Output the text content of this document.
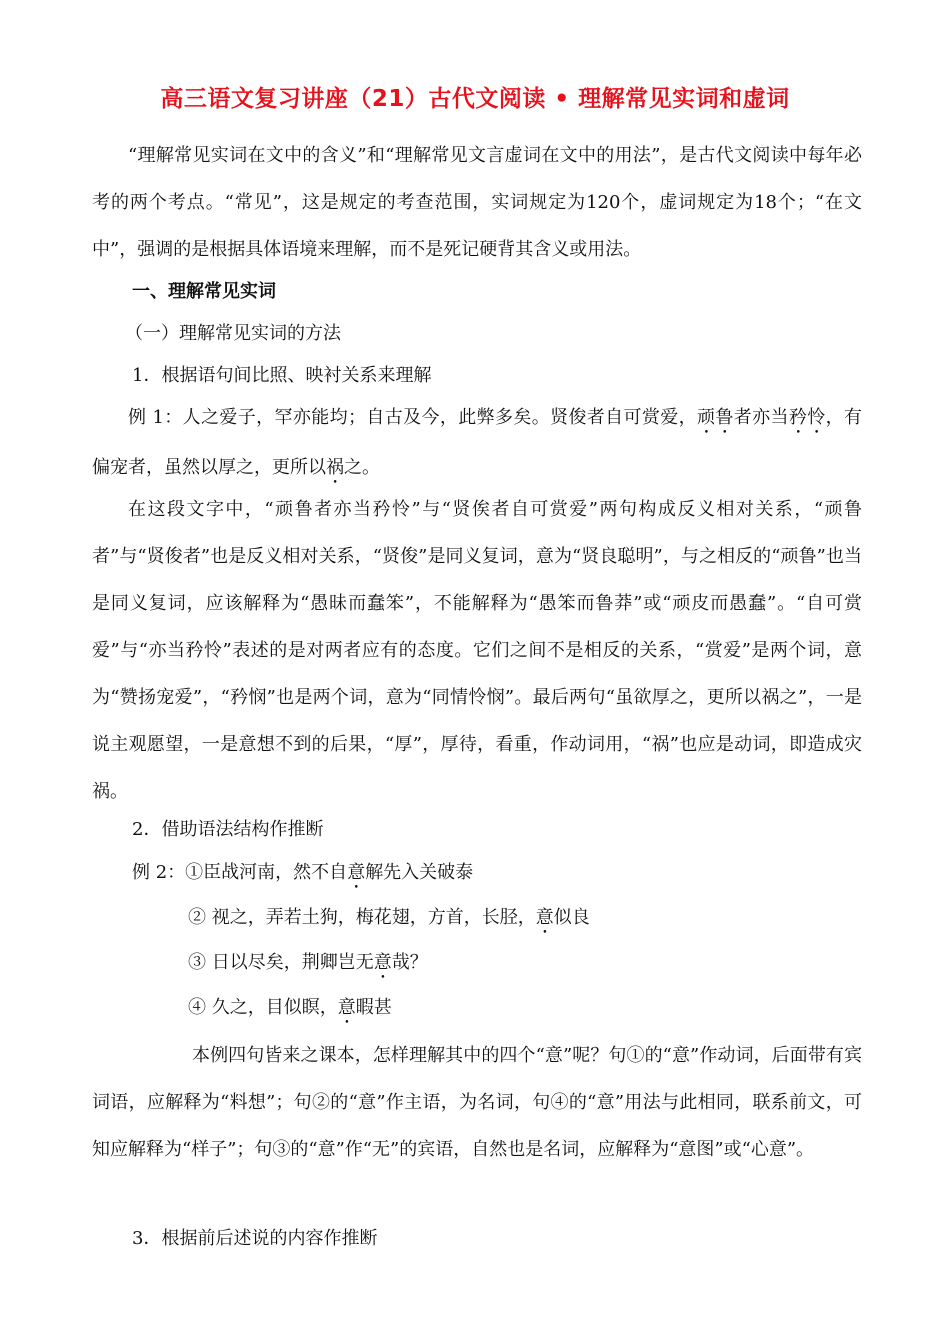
高三语文复习讲座（21）古代文阅读 • 理解常见实词和虚词
“理解常见实词在文中的含义”和“理解常见文言虚词在文中的用法”，是古代文阅读中每年必考的两个考点。“常见”，这是规定的考查范围，实词规定为120个，虚词规定为18个；“在文中”，强调的是根据具体语境来理解，而不是死记硬背其含义或用法。
一、理解常见实词
（一）理解常见实词的方法
1．根据语句间比照、映衬关系来理解
例 1：人之爱子，罕亦能均；自古及今，此弊多矣。贤俊者自可赏爱，顽鲁者亦当矜怜，有偏宠者，虽然以厚之，更所以祸之。
在这段文字中，“顽鲁者亦当矜怜”与“贤俟者自可赏爱”两句构成反义相对关系，“顽鲁者”与“贤俊者”也是反义相对关系，“贤俊”是同义复词，意为“贤良聪明”，与之相反的“顽鲁”也当是同义复词，应该解释为“愚昧而蠢笨”，不能解释为“愚笨而鲁莽”或“顽皮而愚蠢”。“自可赏爱”与“亦当矜怜”表述的是对两者应有的态度。它们之间不是相反的关系，“赏爱”是两个词，意为“赞扬宠爱”，“矜悯”也是两个词，意为“同情怜悯”。最后两句“虽欲厚之，更所以祸之”，一是说主观愿望，一是意想不到的后果，“厚”，厚待，看重，作动词用，“祸”也应是动词，即造成灾祸。
2．借助语法结构作推断
例 2：①臣战河南，然不自意解先入关破泰
② 视之，弄若土狗，梅花翅，方首，长胫，意似良
③ 日以尽矣，荆卿岂无意哉？
④ 久之，目似瞑，意暇甚
本例四句皆来之课本，怎样理解其中的四个“意”呢？句①的“意”作动词，后面带有宾词语，应解释为“料想”；句②的“意”作主语，为名词，句④的“意”用法与此相同，联系前文，可知应解释为“样子”；句③的“意”作“无”的宾语，自然也是名词，应解释为“意图”或“心意”。
3．根据前后述说的内容作推断
